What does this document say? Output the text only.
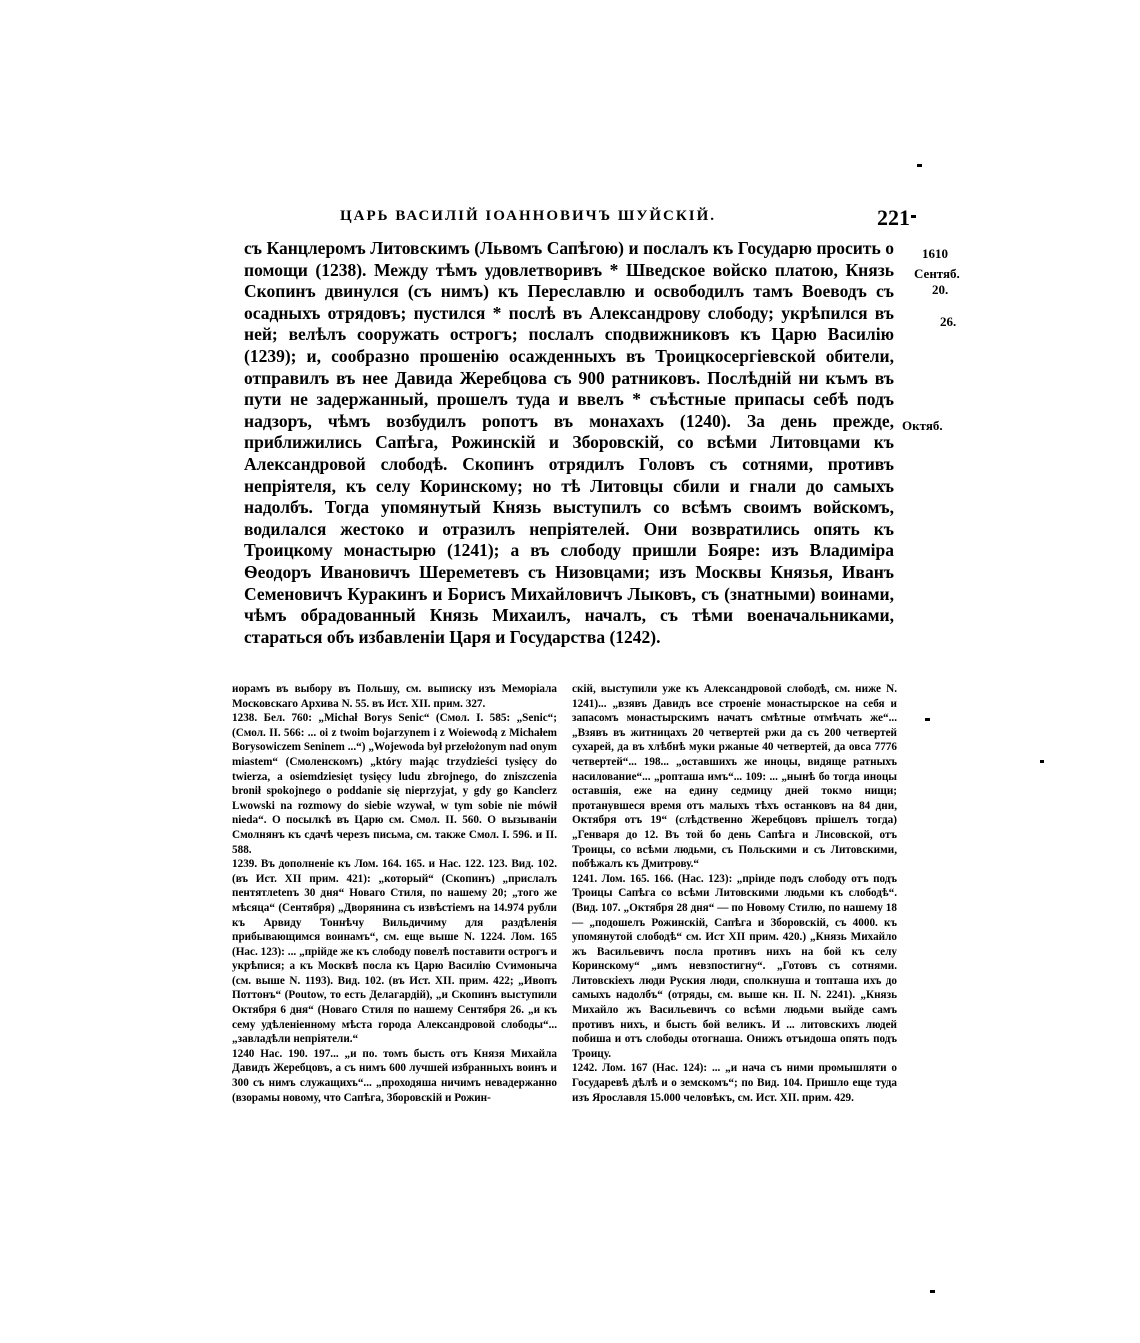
ЦАРЬ ВАСИЛІЙ ІОАННОВИЧЪ ШУЙСКІЙ.	221

съ Канцлеромъ Литовскимъ (Львомъ Сапѣгою) и послалъ къ Государю просить о помощи (1238). Между тѣмъ удовлетворивъ * Шведское войско платою, Князь Скопинъ двинулся (съ нимъ) къ Переславлю и освободилъ тамъ Воеводъ съ осадныхъ отрядовъ; пустился * послѣ въ Александрову слободу; укрѣпился въ ней; велѣлъ сооружать острогъ; послалъ сподвижниковъ къ Царю Василію (1239); и, сообразно прошенію осажденныхъ въ Троицкосергіевской обители, отправилъ въ нее Давида Жеребцова съ 900 ратниковъ. Послѣдній ни къмъ въ пути не задержанный, прошелъ туда и ввелъ * съѣстные припасы себѣ подъ надзоръ, чѣмъ возбудилъ ропотъ въ монахахъ (1240). За день прежде, приближились Сапѣга, Рожинскій и Зборовскій, со всѣми Литовцами къ Александровой слободѣ. Скопинъ отрядилъ Головъ съ сотнями, противъ непріятеля, къ селу Коринскому; но тѣ Литовцы сбили и гнали до самыхъ надолбъ. Тогда упомянутый Князь выступилъ со всѣмъ своимъ войскомъ, водилался жестоко и отразилъ непріятелей. Они возвратились опять къ Троицкому монастырю (1241); а въ слободу пришли Бояре: изъ Владиміра Ѳеодоръ Ивановичъ Шереметевъ съ Низовцами; изъ Москвы Князья, Иванъ Семеновичъ Куракинъ и Борисъ Михайловичъ Лыковъ, съ (знатными) воинами, чѣмъ обрадованный Князь Михаилъ, началъ, съ тѣми военачальниками, стараться объ избавленіи Царя и Государства (1242).

1610
Сентяб.
20.
26.
Октяб.

иорамъ въ выбору въ Польшу, см. выписку изъ Меморіала Московскаго Архива N. 55. въ Ист. XII. прим. 327.

1238. Бел. 760: „Michał Borys Senic“ (Смол. I. 585: „Senic“; (Смол. II. 566: ... oi z twoim bojarzynem i z Woiewodą z Michałem Borysowiczem Seninem ...“) „Wojewoda był przełożonym nad onym miastem“ (Смоленскомъ) „który mając trzydzieści tysięcy do twierza, a osiemdziesięt tysięcy ludu zbrojnego, do zniszczenia bronił spokojnego o poddanie się nieprzyjat, y gdy go Kanclerz Lwowski na rozmowy do siebie wzywał, w tym sobie nie mówił nieda“. О посылкѣ въ Царю см. Смол. II. 560. О вызываніи Смолнянъ къ сдачѣ черезъ письма, см. также Смол. I. 596. и II. 588.

1239. Въ дополненіе къ Лом. 164. 165. и Нас. 122. 123. Вид. 102. (въ Ист. XII прим. 421): „который“ (Скопинъ) „прислалъ пентятлеtenъ 30 дня“ Новаго Стиля, по нашему 20; „того же мѣсяца“ (Сентября) „Дворянина съ извѣстіемъ на 14.974 рубли къ Арвиду Тоннѣчу Вильдичиму для раздѣленія прибывающимся воинамъ“, см. еще выше N. 1224. Лом. 165 (Нас. 123): ... „прійде же къ слободу повелѣ поставити острогъ и укрѣпися; а къ Москвѣ посла къ Царю Василію Сѵимоныча (см. выше N. 1193). Вид. 102. (въ Ист. XII. прим. 422; „Ивопъ Поттонъ“ (Poutow, то есть Делагардій), „и Скопинъ выступили Октября 6 дня“ (Новаго Стиля по нашему Сентября 26. „и къ сему удѣленіенному мѣста города Александровой слободы“... „завладѣли непріятели.“

1240 Нас. 190. 197... „и по. томъ бысть отъ Князя Михайла Давидъ Жеребцовъ, а съ нимъ 600 лучшей избранныхъ воинъ и 300 съ нимъ служащихъ“... „проходяша ничимъ невадержанно (взорамы новому, что Сапѣга, Зборовскій и Рожин-

скій, выступили уже къ Александровой слободѣ, см. ниже N. 1241)... „взявъ Давидъ все строеніе монастырское на себя и запасомъ монастырскимъ начатъ смѣтные отмѣчать же“... „Взявъ въ житницахъ 20 четвертей ржи да съ 200 четвертей сухарей, да въ хлѣбнѣ муки ржаные 40 четвертей, да овса 7776 четвертей“... 198... „оставшихъ же иноцы, видяще ратныхъ насилование“... „ропташа имъ“... 109: ... „нынѣ бо тогда иноцы оставшія, еже на едину седмицу дней токмо нищи; протанувшеся время отъ малыхъ тѣхъ останковъ на 84 дни, Октября отъ 19“ (слѣдственно Жеребцовъ прішелъ тогда) „Генваря до 12. Въ той бо день Сапѣга и Лисовской, отъ Троицы, со всѣми людьми, съ Польскими и съ Литовскими, побѣжалъ къ Дмитрову.“

1241. Лом. 165. 166. (Нас. 123): „пріиде подъ слободу отъ подъ Троицы Сапѣга со всѣми Литовскими людьми къ слободѣ“. (Вид. 107. „Октября 28 дня“ — по Новому Стилю, по нашему 18 — „подошелъ Рожинскій, Сапѣга и Зборовскій, съ 4000. къ упомянутой слободѣ“ см. Ист XII прим. 420.) „Князь Михайло жъ Васильевичъ посла противъ нихъ на бой къ селу Коринскому“ „имъ невзпостигну“. „Готовъ съ сотнями. Литовскіехъ люди Руския люди, сполкнуша и топташа ихъ до самыхъ надолбъ“ (отряды, см. выше кн. II. N. 2241). „Князь Михайло жъ Васильевичъ со всѣми людьми выйде самъ противъ нихъ, и бысть бой великъ. И ... литовскихъ людей побиша и отъ слободы отогнаша. Онижъ отъидоша опять подъ Троицу.

1242. Лом. 167 (Нас. 124): ... „и нача съ ними промышляти о Государевѣ дѣлѣ и о земскомъ“; по Вид. 104. Пришло еще туда изъ Ярославля 15.000 человѣкъ, см. Ист. XII. прим. 429.
